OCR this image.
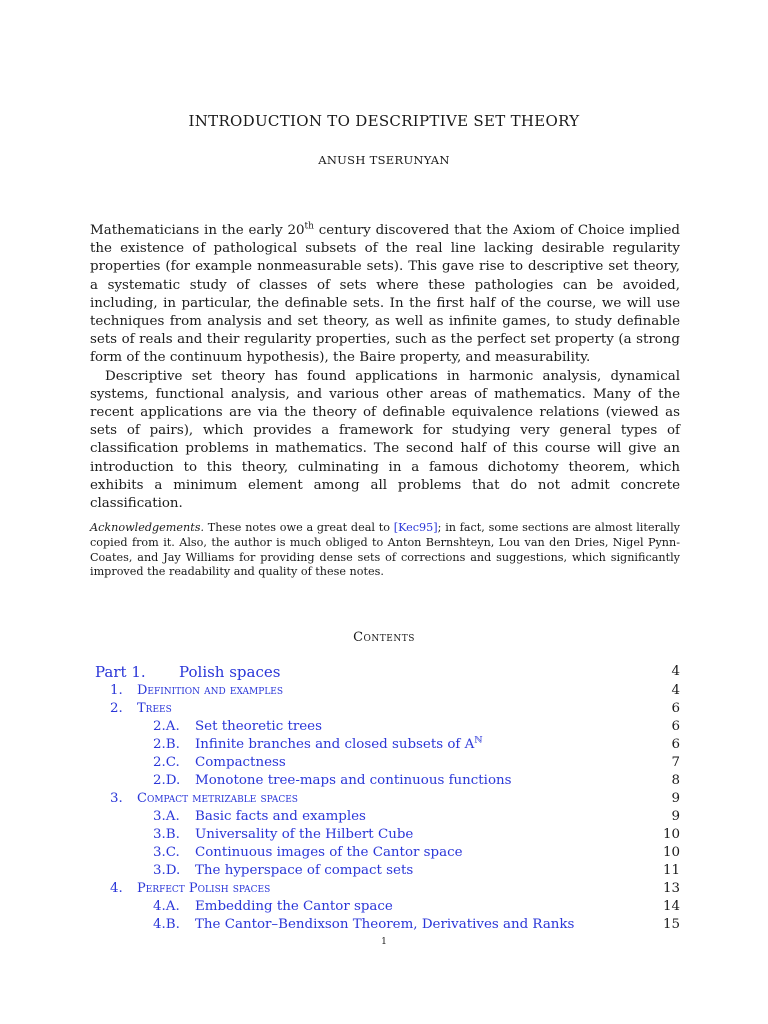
INTRODUCTION TO DESCRIPTIVE SET THEORY
ANUSH TSERUNYAN

Mathematicians in the early 20th century discovered that the Axiom of Choice implied the existence of pathological subsets of the real line lacking desirable regularity properties (for example nonmeasurable sets). This gave rise to descriptive set theory, a systematic study of classes of sets where these pathologies can be avoided, including, in particular, the definable sets. In the first half of the course, we will use techniques from analysis and set theory, as well as infinite games, to study definable sets of reals and their regularity properties, such as the perfect set property (a strong form of the continuum hypothesis), the Baire property, and measurability.

Descriptive set theory has found applications in harmonic analysis, dynamical systems, functional analysis, and various other areas of mathematics. Many of the recent applications are via the theory of definable equivalence relations (viewed as sets of pairs), which provides a framework for studying very general types of classification problems in mathematics. The second half of this course will give an introduction to this theory, culminating in a famous dichotomy theorem, which exhibits a minimum element among all problems that do not admit concrete classification.

Acknowledgements. These notes owe a great deal to [Kec95]; in fact, some sections are almost literally copied from it. Also, the author is much obliged to Anton Bernshteyn, Lou van den Dries, Nigel Pynn-Coates, and Jay Williams for providing dense sets of corrections and suggestions, which significantly improved the readability and quality of these notes.
Contents
Part 1. Polish spaces	4
1. Definition and examples	4
2. Trees	6
2.A. Set theoretic trees	6
2.B. Infinite branches and closed subsets of $A^ℕ$	6
2.C. Compactness	7
2.D. Monotone tree-maps and continuous functions	8
3. Compact metrizable spaces	9
3.A. Basic facts and examples	9
3.B. Universality of the Hilbert Cube	10
3.C. Continuous images of the Cantor space	10
3.D. The hyperspace of compact sets	11
4. Perfect Polish spaces	13
4.A. Embedding the Cantor space	14
4.B. The Cantor–Bendixson Theorem, Derivatives and Ranks	15
1
